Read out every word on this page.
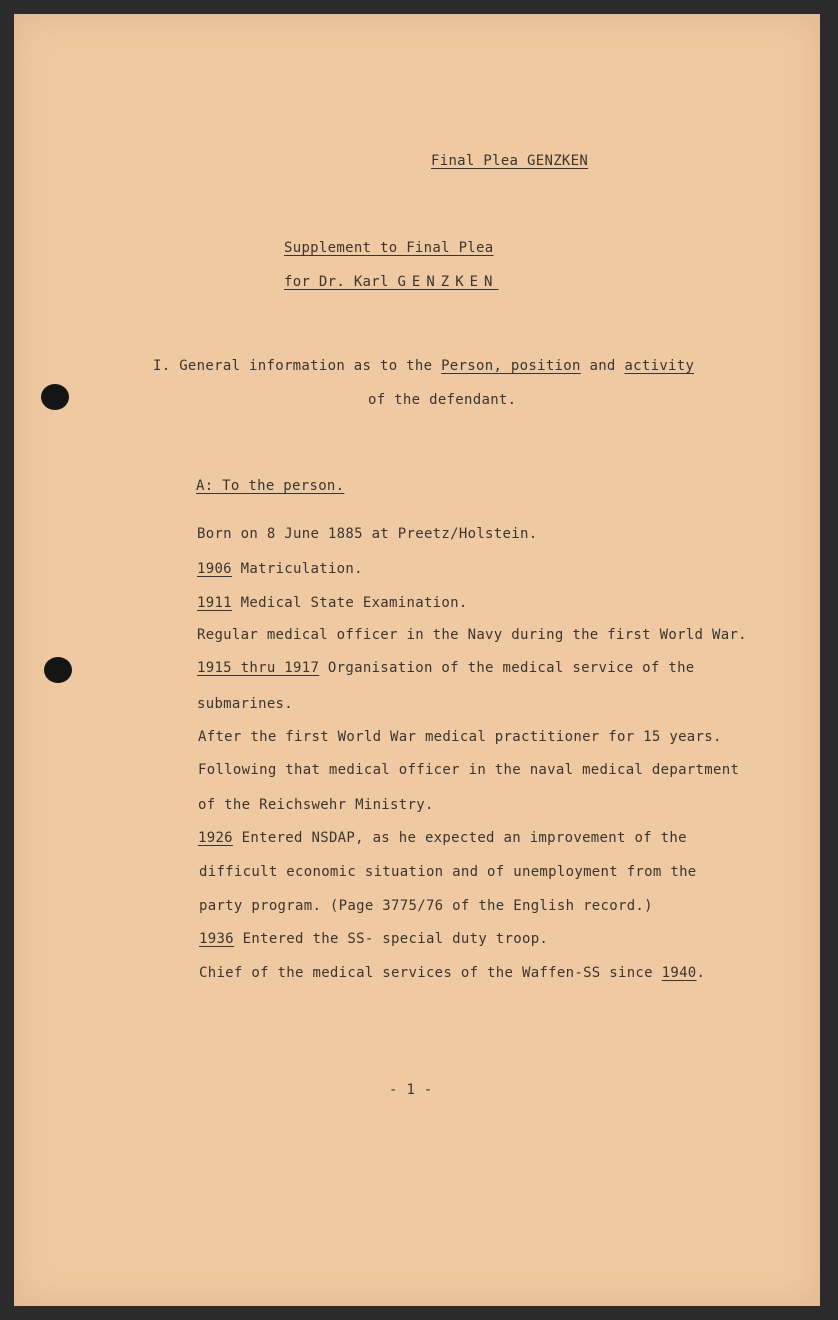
Final Plea GENZKEN
Supplement to Final Plea
for Dr. Karl GENZKEN
I. General information as to the Person, position and activity
of the defendant.
A: To the person.
Born on 8 June 1885 at Preetz/Holstein.
1906 Matriculation.
1911 Medical State Examination.
Regular medical officer in the Navy during the first World War.
1915 thru 1917 Organisation of the medical service of the
submarines.
After the first World War medical practitioner for 15 years.
Following that medical officer in the naval medical department
of the Reichswehr Ministry.
1926 Entered NSDAP, as he expected an improvement of the
difficult economic situation and of unemployment from the
party program. (Page 3775/76 of the English record.)
1936 Entered the SS- special duty troop.
Chief of the medical services of the Waffen-SS since 1940.
- 1 -
